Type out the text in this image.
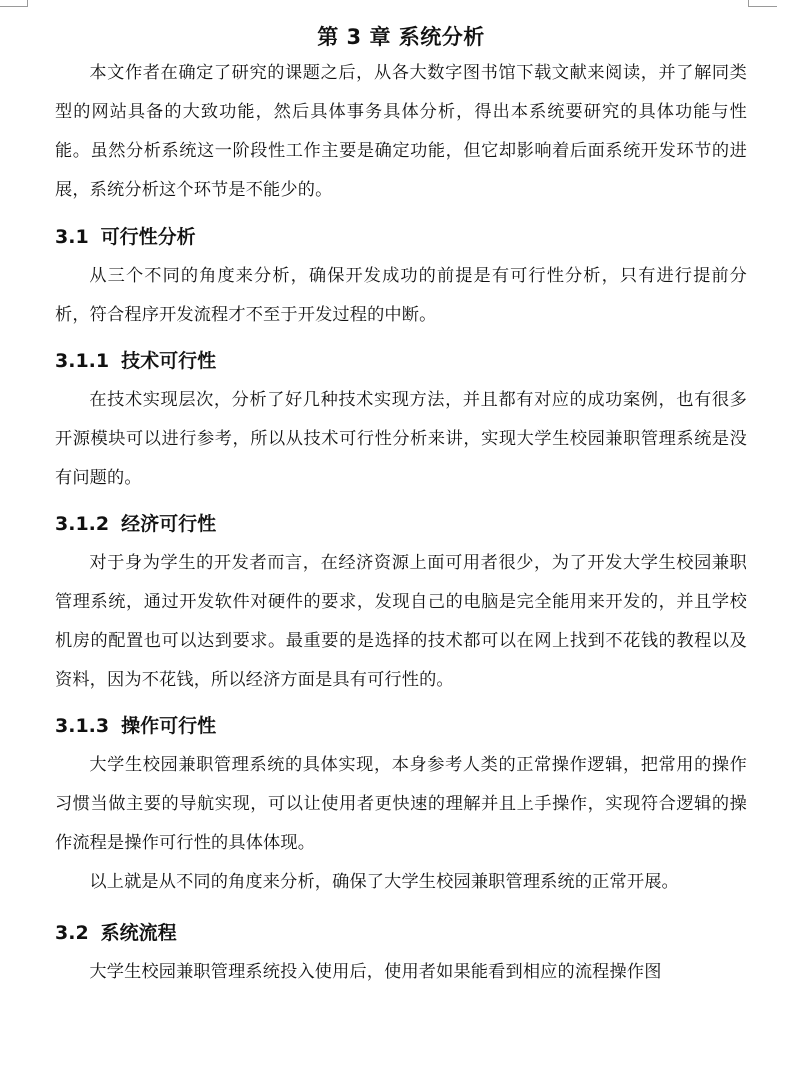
第 3 章 系统分析

本文作者在确定了研究的课题之后，从各大数字图书馆下载文献来阅读，并了解同类型的网站具备的大致功能，然后具体事务具体分析，得出本系统要研究的具体功能与性能。虽然分析系统这一阶段性工作主要是确定功能，但它却影响着后面系统开发环节的进展，系统分析这个环节是不能少的。

3.1 可行性分析

从三个不同的角度来分析，确保开发成功的前提是有可行性分析，只有进行提前分析，符合程序开发流程才不至于开发过程的中断。

3.1.1 技术可行性

在技术实现层次，分析了好几种技术实现方法，并且都有对应的成功案例，也有很多开源模块可以进行参考，所以从技术可行性分析来讲，实现大学生校园兼职管理系统是没有问题的。

3.1.2 经济可行性

对于身为学生的开发者而言，在经济资源上面可用者很少，为了开发大学生校园兼职管理系统，通过开发软件对硬件的要求，发现自己的电脑是完全能用来开发的，并且学校机房的配置也可以达到要求。最重要的是选择的技术都可以在网上找到不花钱的教程以及资料，因为不花钱，所以经济方面是具有可行性的。

3.1.3 操作可行性

大学生校园兼职管理系统的具体实现，本身参考人类的正常操作逻辑，把常用的操作习惯当做主要的导航实现，可以让使用者更快速的理解并且上手操作，实现符合逻辑的操作流程是操作可行性的具体体现。

以上就是从不同的角度来分析，确保了大学生校园兼职管理系统的正常开展。

3.2 系统流程

大学生校园兼职管理系统投入使用后，使用者如果能看到相应的流程操作图
